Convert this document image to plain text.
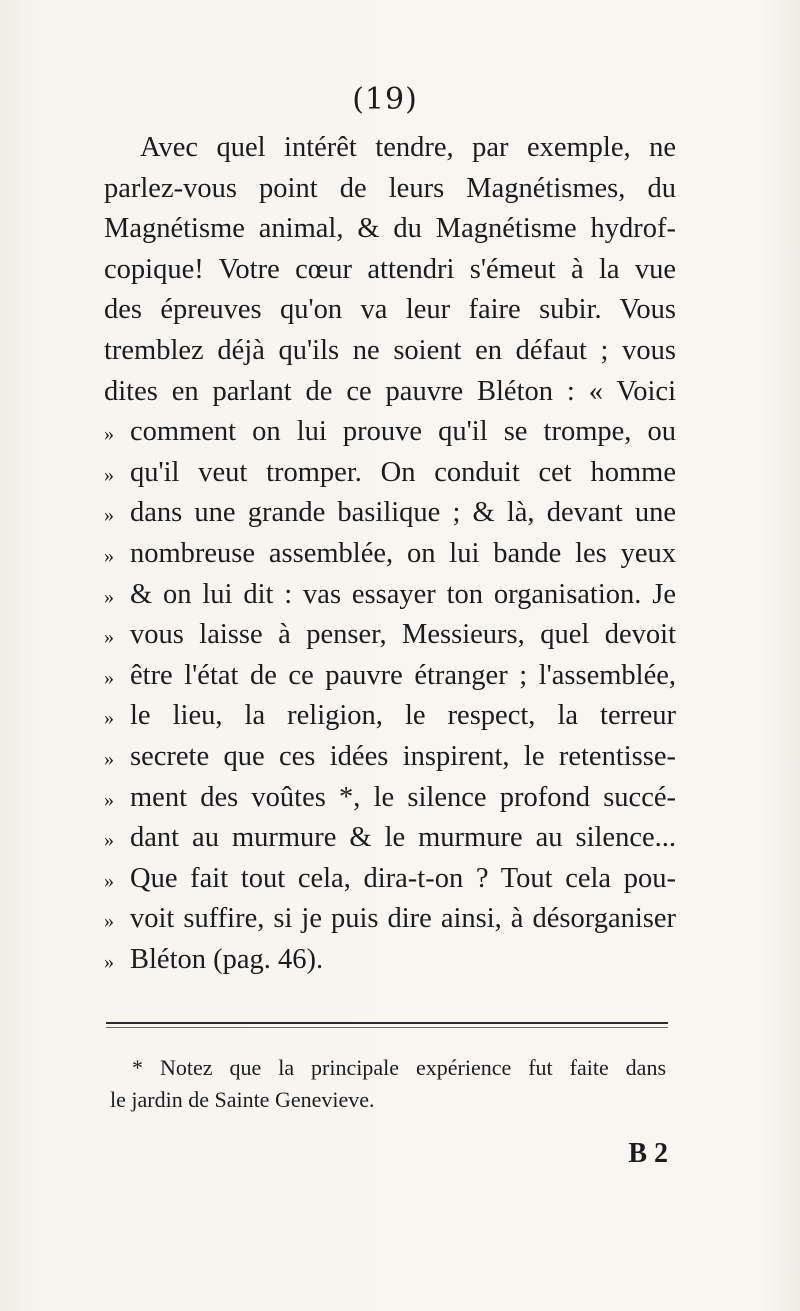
(19)
Avec quel intérêt tendre, par exemple, ne
parlez-vous point de leurs Magnétismes, du
Magnétisme animal, & du Magnétisme hydrof-
copique! Votre cœur attendri s'émeut à la vue
des épreuves qu'on va leur faire subir. Vous
tremblez déjà qu'ils ne soient en défaut ; vous
dites en parlant de ce pauvre Bléton : « Voici
» comment on lui prouve qu'il se trompe, ou
» qu'il veut tromper. On conduit cet homme
» dans une grande basilique ; & là, devant une
» nombreuse assemblée, on lui bande les yeux
» & on lui dit : vas essayer ton organisation. Je
» vous laisse à penser, Messieurs, quel devoit
» être l'état de ce pauvre étranger ; l'assemblée,
» le lieu, la religion, le respect, la terreur
» secrete que ces idées inspirent, le retentisse-
» ment des voûtes *, le silence profond succé-
» dant au murmure & le murmure au silence...
» Que fait tout cela, dira-t-on ? Tout cela pou-
» voit suffire, si je puis dire ainsi, à désorganiser
» Bléton (pag. 46).
* Notez que la principale expérience fut faite dans
le jardin de Sainte Genevieve.
B 2
